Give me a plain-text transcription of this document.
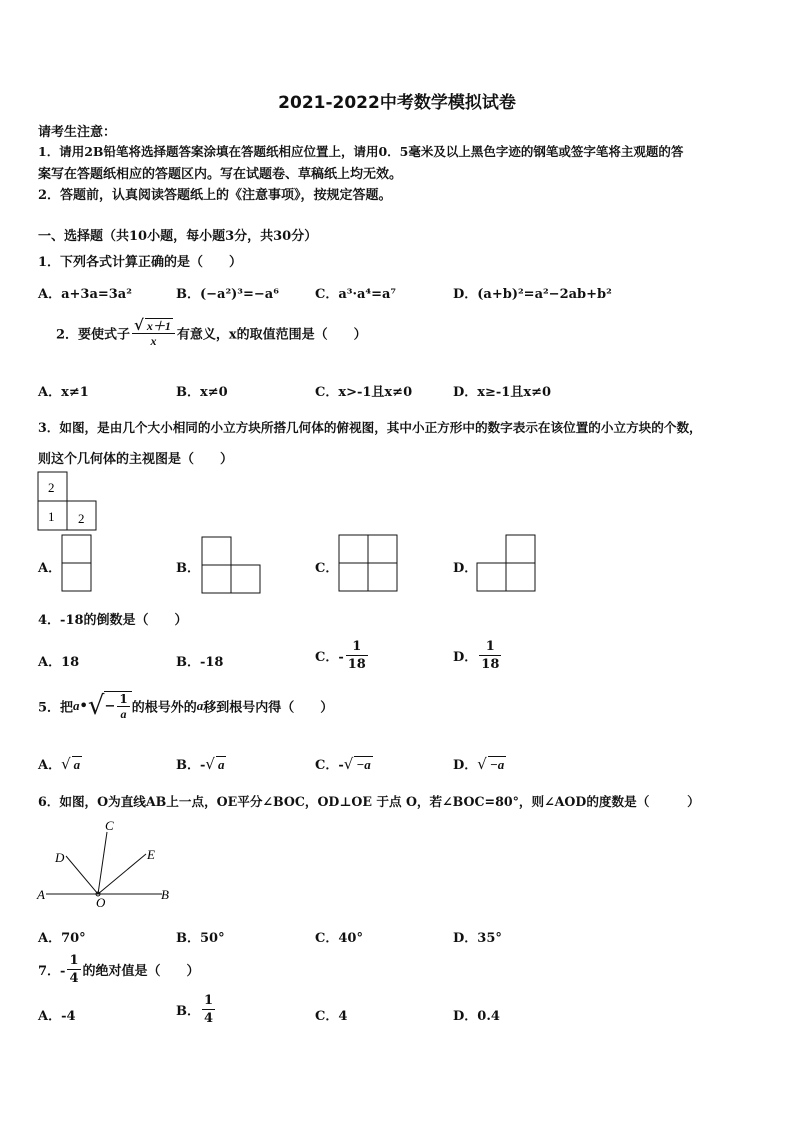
2021-2022中考数学模拟试卷
请考生注意：
1．请用2B铅笔将选择题答案涂填在答题纸相应位置上，请用0．5毫米及以上黑色字迹的钢笔或签字笔将主观题的答
案写在答题纸相应的答题区内。写在试题卷、草稿纸上均无效。
2．答题前，认真阅读答题纸上的《注意事项》，按规定答题。
一、选择题（共10小题，每小题3分，共30分）
1．下列各式计算正确的是（　　）
A．a+3a=3a²	B．(−a²)³=−a⁶	C．a³·a⁴=a⁷	D．(a+b)²=a²−2ab+b²
2．要使式子 $\frac{√ x+1}{x}$ 有意义，x的取值范围是（　　）
A．x≠1	B．x≠0	C．x>-1且x≠0	D．x≥-1且x≠0
3．如图，是由几个大小相同的小立方块所搭几何体的俯视图，其中小正方形中的数字表示在该位置的小立方块的个数，
则这个几何体的主视图是（　　）
2
1 2
A．	B．	C．	D．
4．-18的倒数是（　　）
A．18	B．-18	C．- $\frac{1}{18}$	D． $\frac{1}{18}$
5．把a•√− $\frac{1}{a}$ 的根号外的a移到根号内得（　　）
A．√ a	B．-√ a	C．-√ −a	D．√ −a
6．如图，O为直线AB上一点，OE平分∠BOC，OD⊥OE 于点 O，若∠BOC=80°，则∠AOD的度数是（　　　）
A	B
C
D	E
O
A．70°	B．50°	C．40°	D．35°
7．- $\frac{1}{4}$ 的绝对值是（　　）
A．-4	B． $\frac{1}{4}$	C．4	D．0.4
